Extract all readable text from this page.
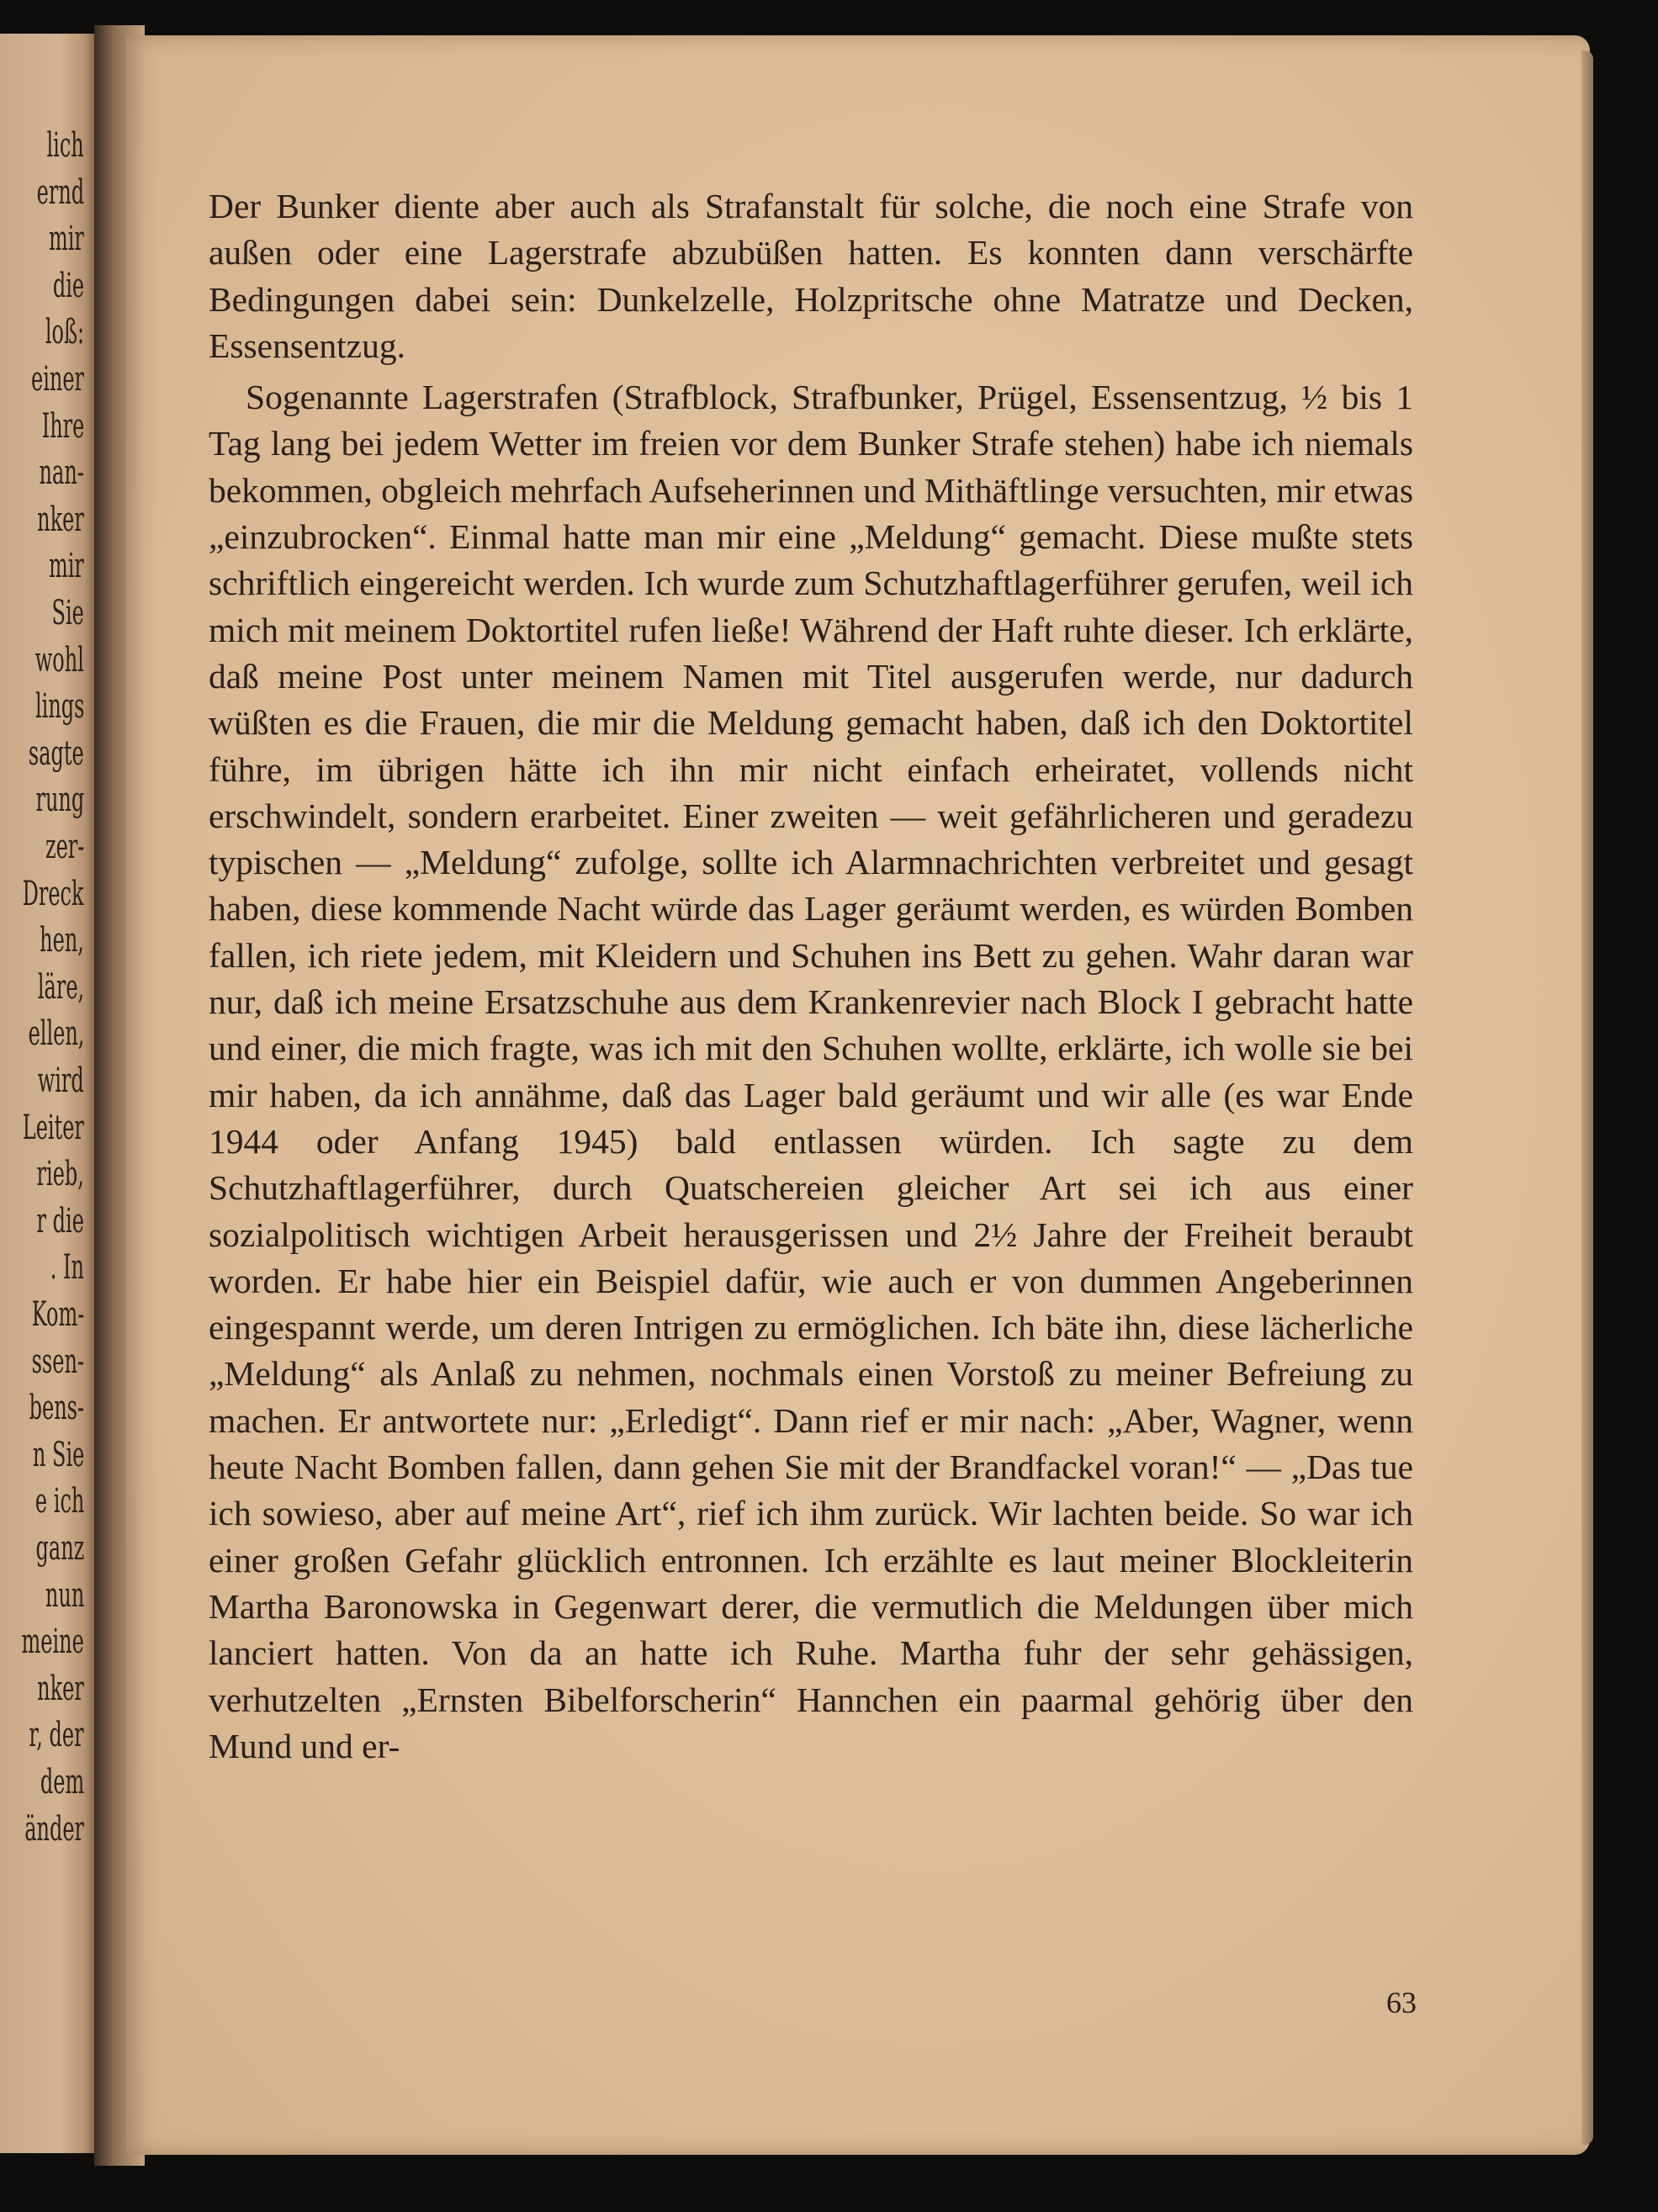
lich
ernd
mir
die
loß:
einer
Ihre
nan-
nker
mir
Sie
wohl
lings
sagte
rung
zer-
Dreck
hen,
läre,
ellen,
wird
Leiter
rieb,
r die
. In
Kom-
ssen-
bens-
n Sie
e ich
ganz
nun
meine
nker
r, der
dem
änder

Der Bunker diente aber auch als Strafanstalt für solche, die noch eine Strafe von außen oder eine Lagerstrafe abzubüßen hatten. Es konnten dann verschärfte Bedingungen dabei sein: Dunkelzelle, Holzpritsche ohne Matratze und Decken, Essensentzug.

Sogenannte Lagerstrafen (Strafblock, Strafbunker, Prügel, Essensentzug, ½ bis 1 Tag lang bei jedem Wetter im freien vor dem Bunker Strafe stehen) habe ich niemals bekommen, obgleich mehrfach Aufseherinnen und Mithäftlinge versuchten, mir etwas „einzubrocken“. Einmal hatte man mir eine „Meldung“ gemacht. Diese mußte stets schriftlich eingereicht werden. Ich wurde zum Schutzhaftlagerführer gerufen, weil ich mich mit meinem Doktortitel rufen ließe! Während der Haft ruhte dieser. Ich erklärte, daß meine Post unter meinem Namen mit Titel ausgerufen werde, nur dadurch wüßten es die Frauen, die mir die Meldung gemacht haben, daß ich den Doktortitel führe, im übrigen hätte ich ihn mir nicht einfach erheiratet, vollends nicht erschwindelt, sondern erarbeitet. Einer zweiten — weit gefährlicheren und geradezu typischen — „Meldung“ zufolge, sollte ich Alarmnachrichten verbreitet und gesagt haben, diese kommende Nacht würde das Lager geräumt werden, es würden Bomben fallen, ich riete jedem, mit Kleidern und Schuhen ins Bett zu gehen. Wahr daran war nur, daß ich meine Ersatzschuhe aus dem Krankenrevier nach Block I gebracht hatte und einer, die mich fragte, was ich mit den Schuhen wollte, erklärte, ich wolle sie bei mir haben, da ich annähme, daß das Lager bald geräumt und wir alle (es war Ende 1944 oder Anfang 1945) bald entlassen würden. Ich sagte zu dem Schutzhaftlagerführer, durch Quatschereien gleicher Art sei ich aus einer sozialpolitisch wichtigen Arbeit herausgerissen und 2½ Jahre der Freiheit beraubt worden. Er habe hier ein Beispiel dafür, wie auch er von dummen Angeberinnen eingespannt werde, um deren Intrigen zu ermöglichen. Ich bäte ihn, diese lächerliche „Meldung“ als Anlaß zu nehmen, nochmals einen Vorstoß zu meiner Befreiung zu machen. Er antwortete nur: „Erledigt“. Dann rief er mir nach: „Aber, Wagner, wenn heute Nacht Bomben fallen, dann gehen Sie mit der Brandfackel voran!“ — „Das tue ich sowieso, aber auf meine Art“, rief ich ihm zurück. Wir lachten beide. So war ich einer großen Gefahr glücklich entronnen. Ich erzählte es laut meiner Blockleiterin Martha Baronowska in Gegenwart derer, die vermutlich die Meldungen über mich lanciert hatten. Von da an hatte ich Ruhe. Martha fuhr der sehr gehässigen, verhutzelten „Ernsten Bibelforscherin“ Hannchen ein paarmal gehörig über den Mund und er-

63
